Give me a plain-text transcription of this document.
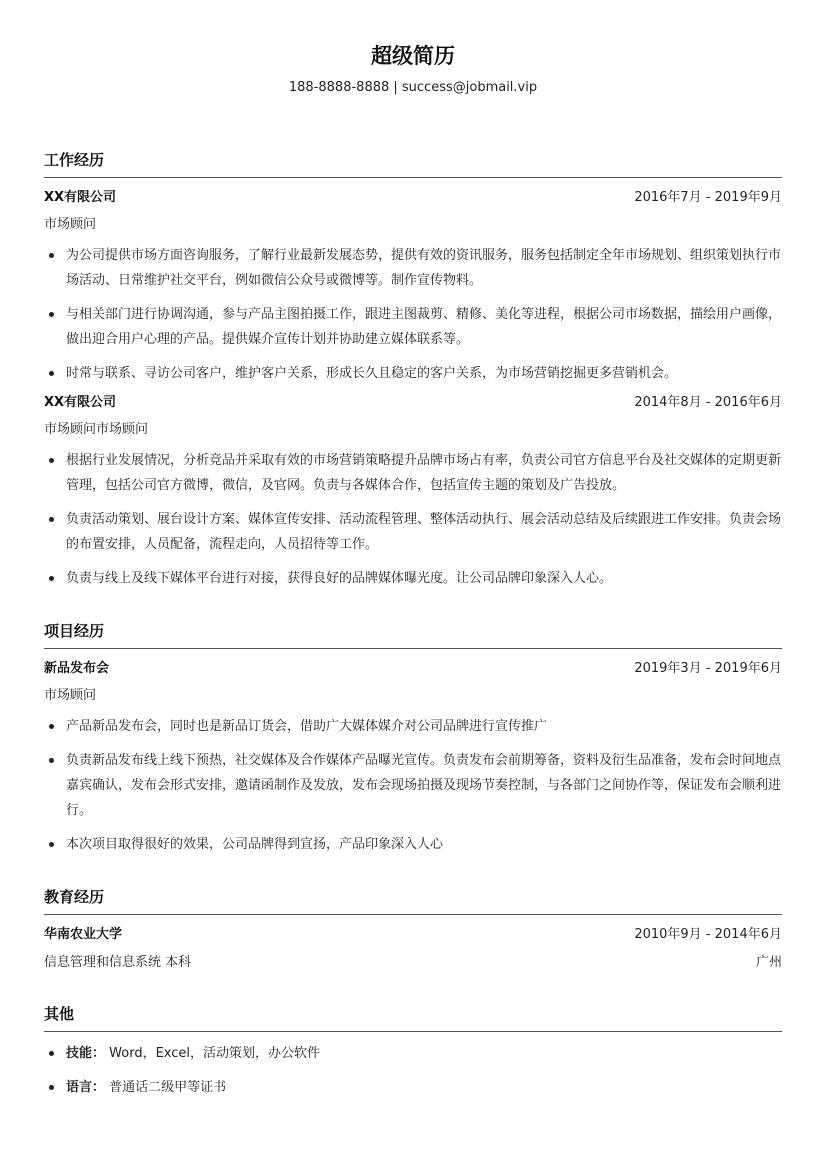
超级简历
188-8888-8888 | success@jobmail.vip
工作经历
XX有限公司	2016年7月 - 2019年9月
市场顾问
为公司提供市场方面咨询服务，了解行业最新发展态势，提供有效的资讯服务，服务包括制定全年市场规划、组织策划执行市场活动、日常维护社交平台，例如微信公众号或微博等。制作宣传物料。
与相关部门进行协调沟通，参与产品主图拍摄工作，跟进主图裁剪、精修、美化等进程，根据公司市场数据，描绘用户画像，做出迎合用户心理的产品。提供媒介宣传计划并协助建立媒体联系等。
时常与联系、寻访公司客户，维护客户关系，形成长久且稳定的客户关系，为市场营销挖掘更多营销机会。
XX有限公司	2014年8月 - 2016年6月
市场顾问市场顾问
根据行业发展情况，分析竞品并采取有效的市场营销策略提升品牌市场占有率，负责公司官方信息平台及社交媒体的定期更新管理，包括公司官方微博，微信，及官网。负责与各媒体合作，包括宣传主题的策划及广告投放。
负责活动策划、展台设计方案、媒体宣传安排、活动流程管理、整体活动执行、展会活动总结及后续跟进工作安排。负责会场的布置安排，人员配备，流程走向，人员招待等工作。
负责与线上及线下媒体平台进行对接，获得良好的品牌媒体曝光度。让公司品牌印象深入人心。
项目经历
新品发布会	2019年3月 - 2019年6月
市场顾问
产品新品发布会，同时也是新品订货会，借助广大媒体媒介对公司品牌进行宣传推广
负责新品发布线上线下预热，社交媒体及合作媒体产品曝光宣传。负责发布会前期筹备，资料及衍生品准备，发布会时间地点嘉宾确认，发布会形式安排，邀请函制作及发放，发布会现场拍摄及现场节奏控制，与各部门之间协作等，保证发布会顺利进行。
本次项目取得很好的效果，公司品牌得到宣扬，产品印象深入人心
教育经历
华南农业大学	2010年9月 - 2014年6月
信息管理和信息系统 本科	广州
其他
技能： Word，Excel，活动策划，办公软件
语言： 普通话二级甲等证书
